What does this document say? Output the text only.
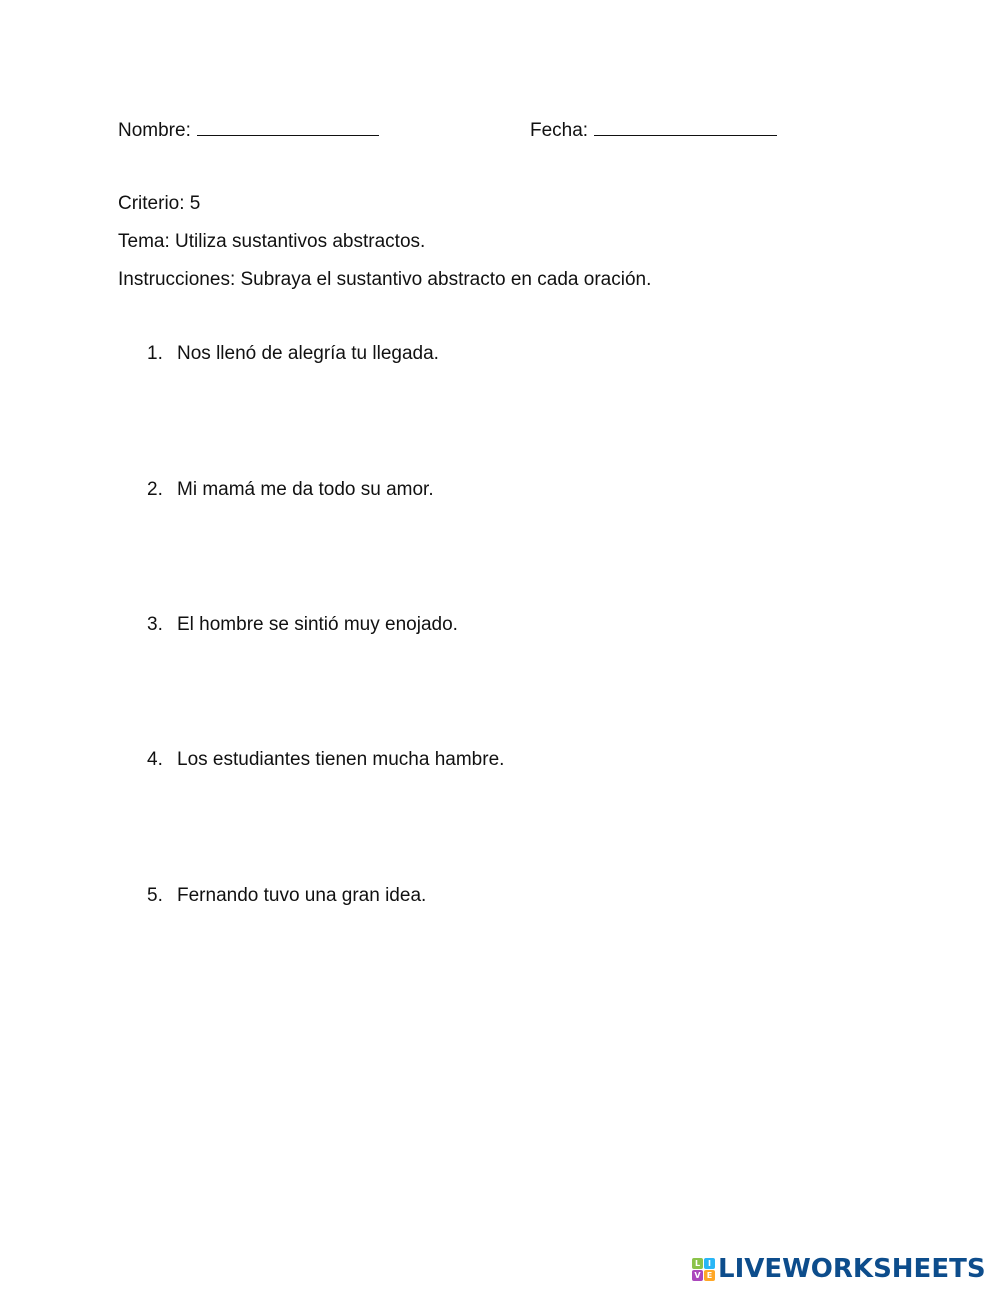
Nombre:	Fecha:
Criterio: 5
Tema: Utiliza sustantivos abstractos.
Instrucciones: Subraya el sustantivo abstracto en cada oración.
1. Nos llenó de alegría tu llegada.
2. Mi mamá me da todo su amor.
3. El hombre se sintió muy enojado.
4. Los estudiantes tienen mucha hambre.
5. Fernando tuvo una gran idea.
L I
V E LIVEWORKSHEETS
